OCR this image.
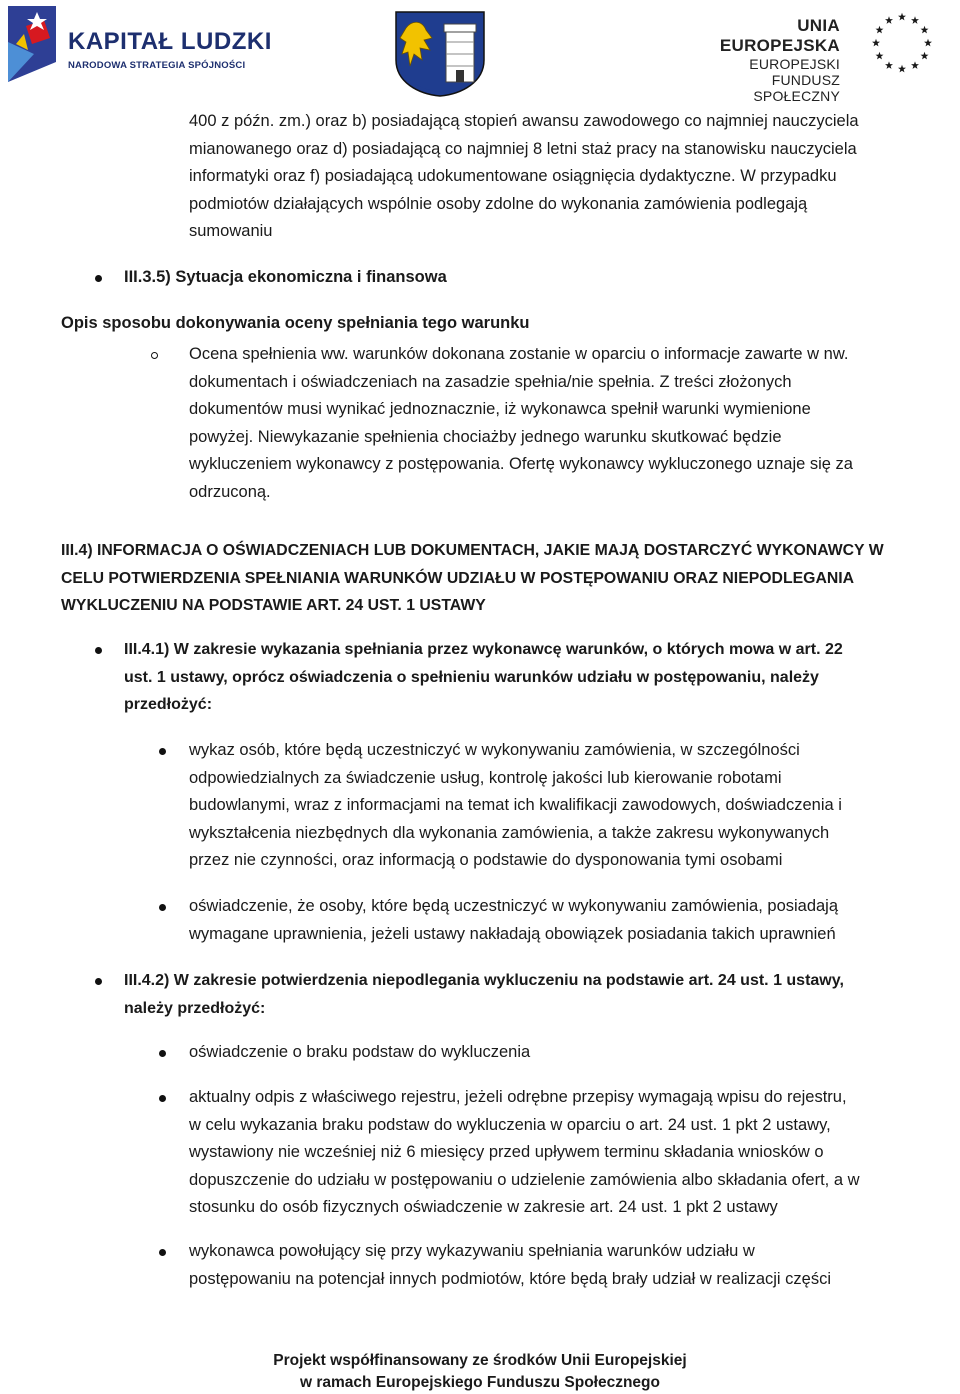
KAPITAŁ LUDZKI
NARODOWA STRATEGIA SPÓJNOŚCI
UNIA EUROPEJSKA
EUROPEJSKI
FUNDUSZ SPOŁECZNY
400 z późn. zm.) oraz b) posiadającą stopień awansu zawodowego co najmniej nauczyciela
mianowanego oraz d) posiadającą co najmniej 8 letni staż pracy na stanowisku nauczyciela
informatyki oraz f) posiadającą udokumentowane osiągnięcia dydaktyczne. W przypadku
podmiotów działających wspólnie osoby zdolne do wykonania zamówienia podlegają
sumowaniu
III.3.5) Sytuacja ekonomiczna i finansowa
Opis sposobu dokonywania oceny spełniania tego warunku
Ocena spełnienia ww. warunków dokonana zostanie w oparciu o informacje zawarte w nw.
dokumentach i oświadczeniach na zasadzie spełnia/nie spełnia. Z treści złożonych
dokumentów musi wynikać jednoznacznie, iż wykonawca spełnił warunki wymienione
powyżej. Niewykazanie spełnienia chociażby jednego warunku skutkować będzie
wykluczeniem wykonawcy z postępowania. Ofertę wykonawcy wykluczonego uznaje się za
odrzuconą.
III.4) INFORMACJA O OŚWIADCZENIACH LUB DOKUMENTACH, JAKIE MAJĄ DOSTARCZYĆ WYKONAWCY W
CELU POTWIERDZENIA SPEŁNIANIA WARUNKÓW UDZIAŁU W POSTĘPOWANIU ORAZ NIEPODLEGANIA
WYKLUCZENIU NA PODSTAWIE ART. 24 UST. 1 USTAWY
III.4.1) W zakresie wykazania spełniania przez wykonawcę warunków, o których mowa w art. 22
ust. 1 ustawy, oprócz oświadczenia o spełnieniu warunków udziału w postępowaniu, należy
przedłożyć:
wykaz osób, które będą uczestniczyć w wykonywaniu zamówienia, w szczególności
odpowiedzialnych za świadczenie usług, kontrolę jakości lub kierowanie robotami
budowlanymi, wraz z informacjami na temat ich kwalifikacji zawodowych, doświadczenia i
wykształcenia niezbędnych dla wykonania zamówienia, a także zakresu wykonywanych
przez nie czynności, oraz informacją o podstawie do dysponowania tymi osobami
oświadczenie, że osoby, które będą uczestniczyć w wykonywaniu zamówienia, posiadają
wymagane uprawnienia, jeżeli ustawy nakładają obowiązek posiadania takich uprawnień
III.4.2) W zakresie potwierdzenia niepodlegania wykluczeniu na podstawie art. 24 ust. 1 ustawy,
należy przedłożyć:
oświadczenie o braku podstaw do wykluczenia
aktualny odpis z właściwego rejestru, jeżeli odrębne przepisy wymagają wpisu do rejestru,
w celu wykazania braku podstaw do wykluczenia w oparciu o art. 24 ust. 1 pkt 2 ustawy,
wystawiony nie wcześniej niż 6 miesięcy przed upływem terminu składania wniosków o
dopuszczenie do udziału w postępowaniu o udzielenie zamówienia albo składania ofert, a w
stosunku do osób fizycznych oświadczenie w zakresie art. 24 ust. 1 pkt 2 ustawy
wykonawca powołujący się przy wykazywaniu spełniania warunków udziału w
postępowaniu na potencjał innych podmiotów, które będą brały udział w realizacji części
Projekt współfinansowany ze środków Unii Europejskiej
w ramach Europejskiego Funduszu Społecznego
